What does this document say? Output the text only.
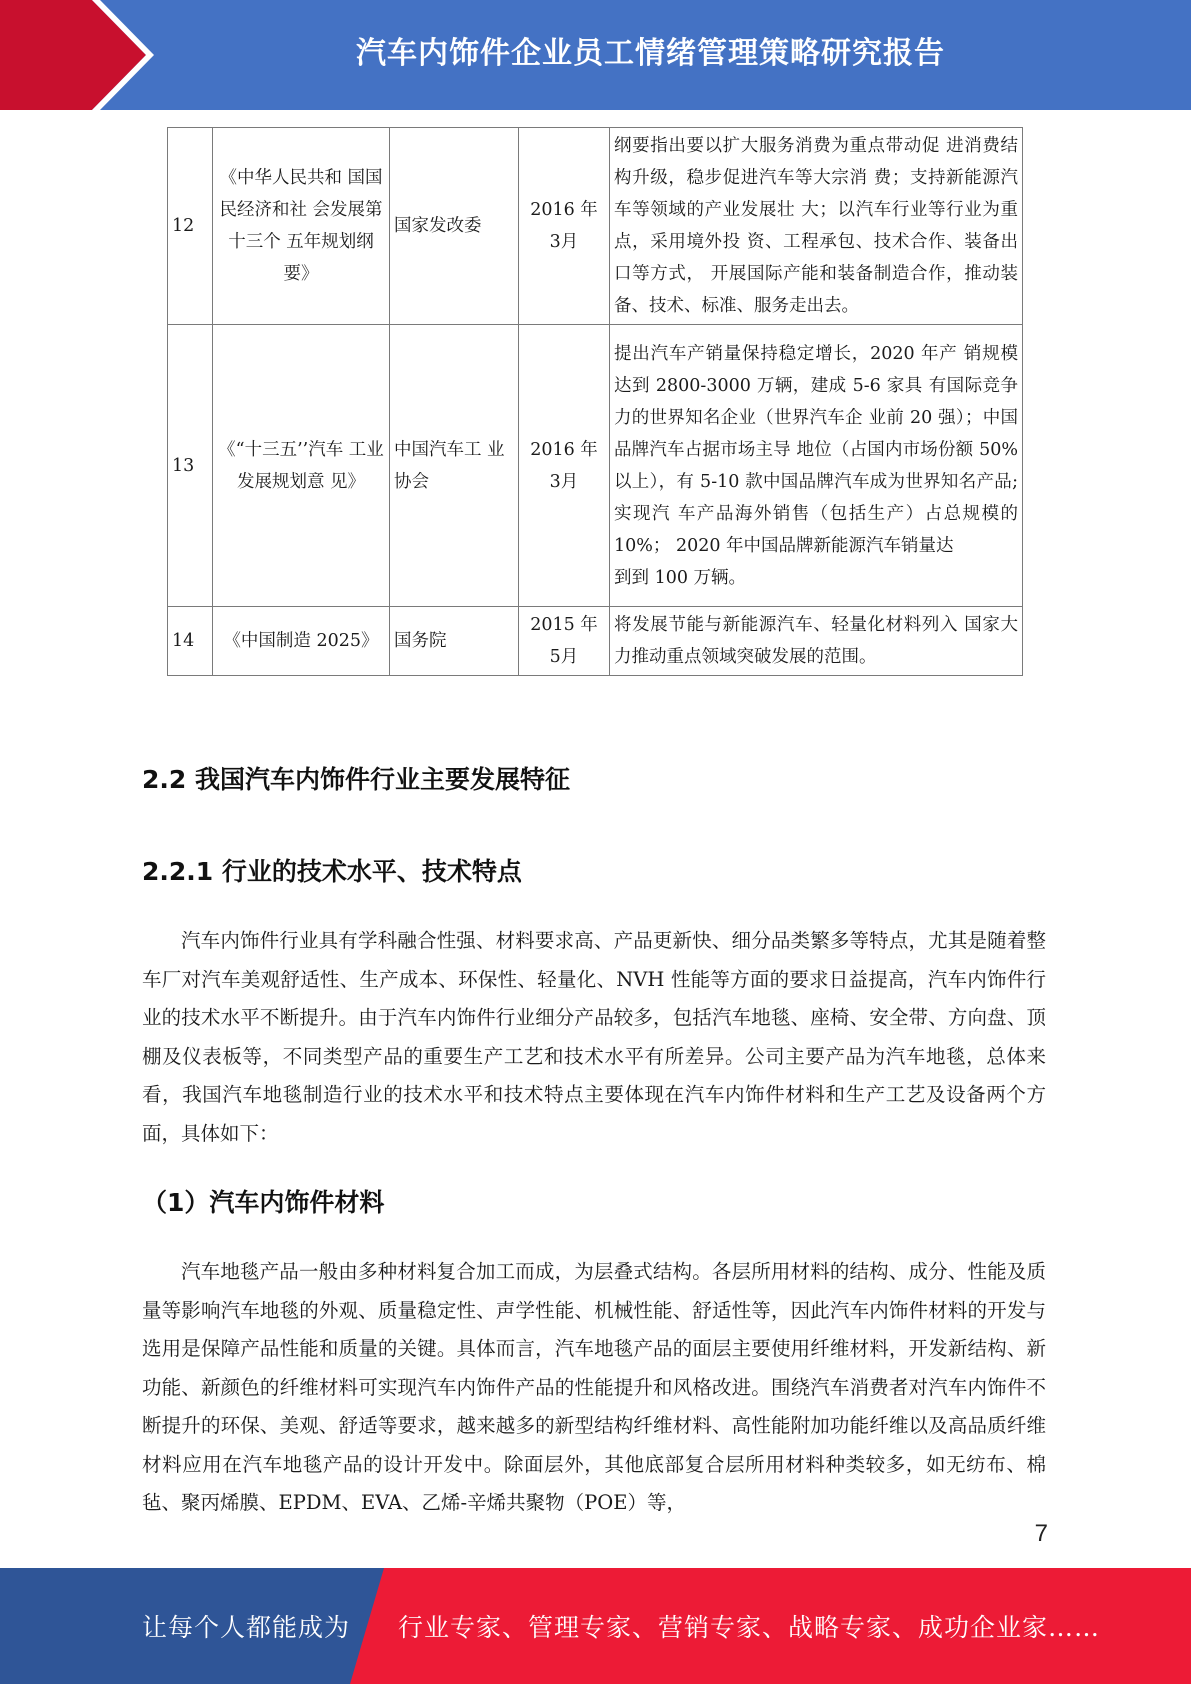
汽车内饰件企业员工情绪管理策略研究报告
12	《中华人民共和 国国民经济和社 会发展第十三个 五年规划纲要》	国家发改委	2016 年 3月	纲要指出要以扩大服务消费为重点带动促 进消费结构升级，稳步促进汽车等大宗消 费；支持新能源汽车等领域的产业发展壮 大；以汽车行业等行业为重点，采用境外投 资、工程承包、技术合作、装备出口等方式， 开展国际产能和装备制造合作，推动装备、技术、标准、服务走出去。
13	《“十三五’’汽车 工业发展规划意 见》	中国汽车工 业协会	2016 年 3月	提出汽车产销量保持稳定增长，2020 年产 销规模达到 2800-3000 万辆，建成 5-6 家具 有国际竞争力的世界知名企业（世界汽车企 业前 20 强）；中国品牌汽车占据市场主导 地位（占国内市场份额 50%以上），有 5-10 款中国品牌汽车成为世界知名产品; 实现汽 车产品海外销售（包括生产）占总规模的 10%； 2020 年中国品牌新能源汽车销量达
到到 100 万辆。
14	《中国制造 2025》	国务院	2015 年 5月	将发展节能与新能源汽车、轻量化材料列入 国家大力推动重点领域突破发展的范围。
2.2 我国汽车内饰件行业主要发展特征
2.2.1 行业的技术水平、技术特点

汽车内饰件行业具有学科融合性强、材料要求高、产品更新快、细分品类繁多等特点，尤其是随着整车厂对汽车美观舒适性、生产成本、环保性、轻量化、NVH 性能等方面的要求日益提高，汽车内饰件行业的技术水平不断提升。由于汽车内饰件行业细分产品较多，包括汽车地毯、座椅、安全带、方向盘、顶棚及仪表板等，不同类型产品的重要生产工艺和技术水平有所差异。公司主要产品为汽车地毯，总体来看，我国汽车地毯制造行业的技术水平和技术特点主要体现在汽车内饰件材料和生产工艺及设备两个方面，具体如下：

（1）汽车内饰件材料

汽车地毯产品一般由多种材料复合加工而成，为层叠式结构。各层所用材料的结构、成分、性能及质量等影响汽车地毯的外观、质量稳定性、声学性能、机械性能、舒适性等，因此汽车内饰件材料的开发与选用是保障产品性能和质量的关键。具体而言，汽车地毯产品的面层主要使用纤维材料，开发新结构、新功能、新颜色的纤维材料可实现汽车内饰件产品的性能提升和风格改进。围绕汽车消费者对汽车内饰件不断提升的环保、美观、舒适等要求，越来越多的新型结构纤维材料、高性能附加功能纤维以及高品质纤维材料应用在汽车地毯产品的设计开发中。除面层外，其他底部复合层所用材料种类较多，如无纺布、棉毡、聚丙烯膜、EPDM、EVA、乙烯-辛烯共聚物（POE）等，

7
让每个人都能成为 行业专家、管理专家、营销专家、战略专家、成功企业家……
